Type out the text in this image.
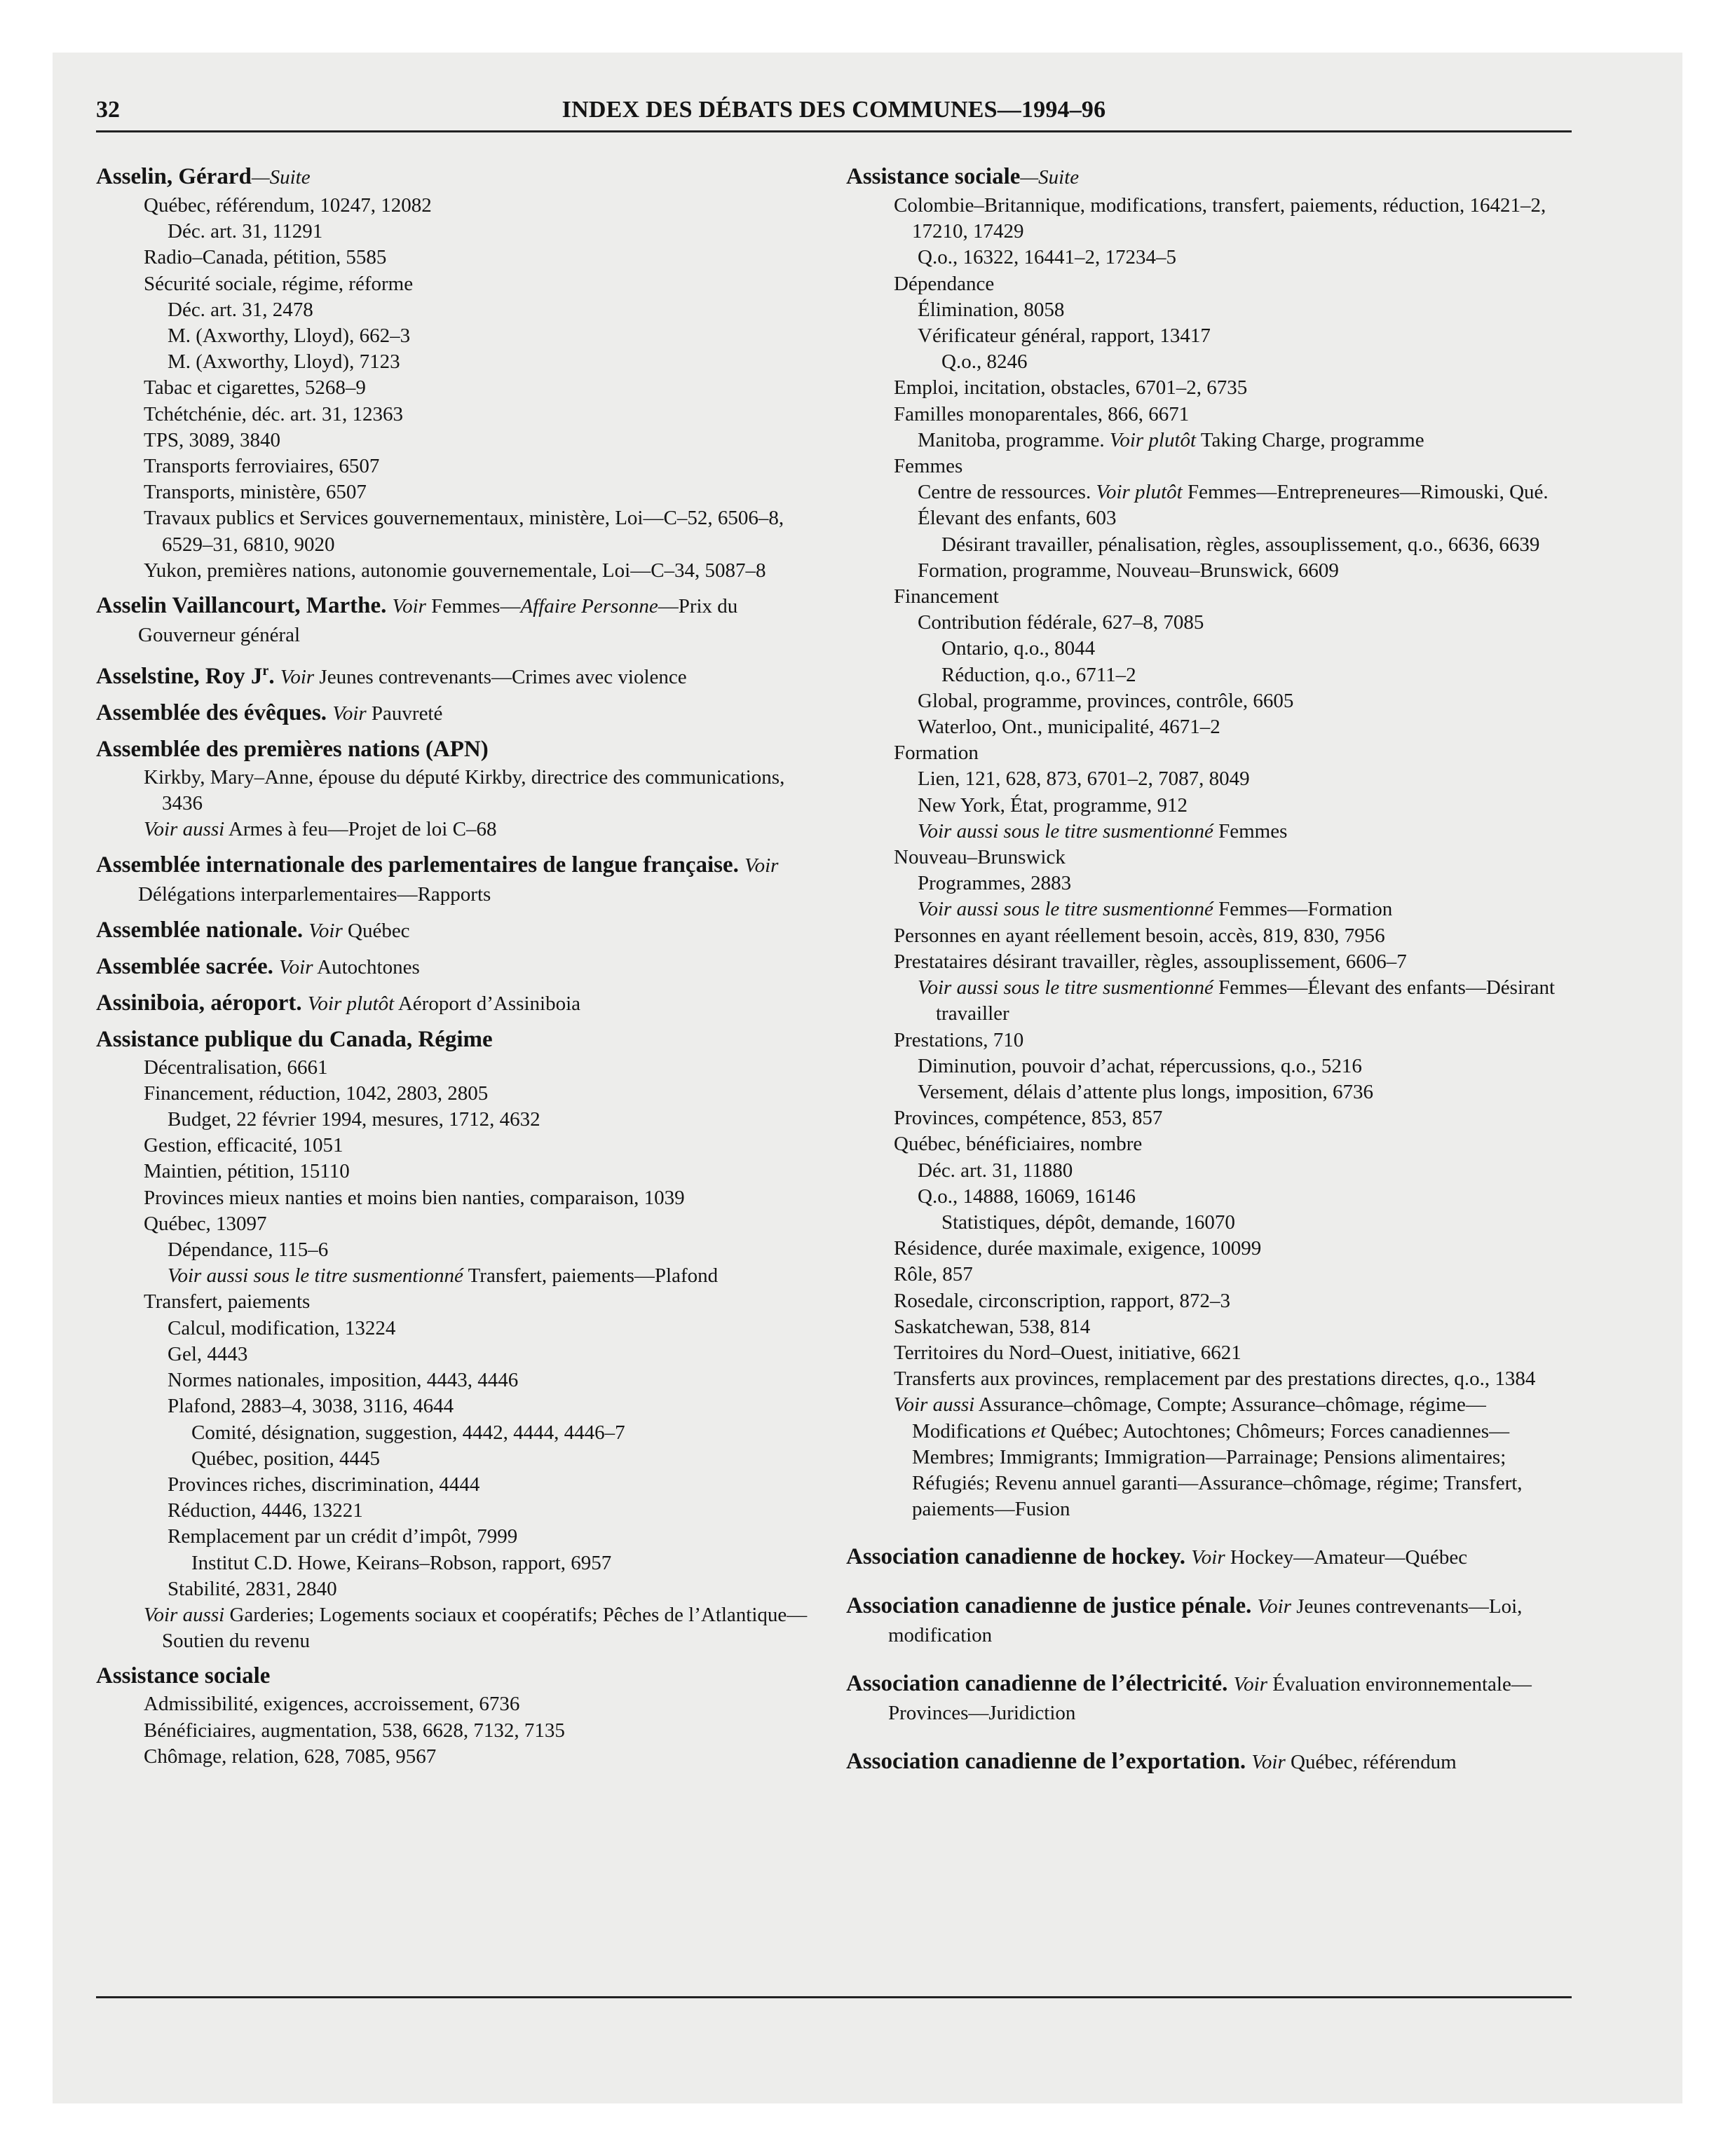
32	INDEX DES DÉBATS DES COMMUNES—1994–96
Asselin, Gérard—Suite
Québec, référendum, 10247, 12082
Déc. art. 31, 11291
Radio–Canada, pétition, 5585
Sécurité sociale, régime, réforme
Déc. art. 31, 2478
M. (Axworthy, Lloyd), 662–3
M. (Axworthy, Lloyd), 7123
Tabac et cigarettes, 5268–9
Tchétchénie, déc. art. 31, 12363
TPS, 3089, 3840
Transports ferroviaires, 6507
Transports, ministère, 6507
Travaux publics et Services gouvernementaux, ministère, Loi—C–52, 6506–8, 6529–31, 6810, 9020
Yukon, premières nations, autonomie gouvernementale, Loi—C–34, 5087–8
Asselin Vaillancourt, Marthe. Voir Femmes—Affaire Personne—Prix du Gouverneur général
Asselstine, Roy $J^r$. Voir Jeunes contrevenants—Crimes avec violence
Assemblée des évêques. Voir Pauvreté
Assemblée des premières nations (APN)
Kirkby, Mary–Anne, épouse du député Kirkby, directrice des communications, 3436
Voir aussi Armes à feu—Projet de loi C–68
Assemblée internationale des parlementaires de langue française. Voir Délégations interparlementaires—Rapports
Assemblée nationale. Voir Québec
Assemblée sacrée. Voir Autochtones
Assiniboia, aéroport. Voir plutôt Aéroport d’Assiniboia
Assistance publique du Canada, Régime
Décentralisation, 6661
Financement, réduction, 1042, 2803, 2805
Budget, 22 février 1994, mesures, 1712, 4632
Gestion, efficacité, 1051
Maintien, pétition, 15110
Provinces mieux nanties et moins bien nanties, comparaison, 1039
Québec, 13097
Dépendance, 115–6
Voir aussi sous le titre susmentionné Transfert, paiements—Plafond
Transfert, paiements
Calcul, modification, 13224
Gel, 4443
Normes nationales, imposition, 4443, 4446
Plafond, 2883–4, 3038, 3116, 4644
Comité, désignation, suggestion, 4442, 4444, 4446–7
Québec, position, 4445
Provinces riches, discrimination, 4444
Réduction, 4446, 13221
Remplacement par un crédit d’impôt, 7999
Institut C.D. Howe, Keirans–Robson, rapport, 6957
Stabilité, 2831, 2840
Voir aussi Garderies; Logements sociaux et coopératifs; Pêches de l’Atlantique—Soutien du revenu
Assistance sociale
Admissibilité, exigences, accroissement, 6736
Bénéficiaires, augmentation, 538, 6628, 7132, 7135
Chômage, relation, 628, 7085, 9567
Assistance sociale—Suite
Colombie–Britannique, modifications, transfert, paiements, réduction, 16421–2, 17210, 17429
Q.o., 16322, 16441–2, 17234–5
Dépendance
Élimination, 8058
Vérificateur général, rapport, 13417
Q.o., 8246
Emploi, incitation, obstacles, 6701–2, 6735
Familles monoparentales, 866, 6671
Manitoba, programme. Voir plutôt Taking Charge, programme
Femmes
Centre de ressources. Voir plutôt Femmes—Entrepreneures—Rimouski, Qué.
Élevant des enfants, 603
Désirant travailler, pénalisation, règles, assouplissement, q.o., 6636, 6639
Formation, programme, Nouveau–Brunswick, 6609
Financement
Contribution fédérale, 627–8, 7085
Ontario, q.o., 8044
Réduction, q.o., 6711–2
Global, programme, provinces, contrôle, 6605
Waterloo, Ont., municipalité, 4671–2
Formation
Lien, 121, 628, 873, 6701–2, 7087, 8049
New York, État, programme, 912
Voir aussi sous le titre susmentionné Femmes
Nouveau–Brunswick
Programmes, 2883
Voir aussi sous le titre susmentionné Femmes—Formation
Personnes en ayant réellement besoin, accès, 819, 830, 7956
Prestataires désirant travailler, règles, assouplissement, 6606–7
Voir aussi sous le titre susmentionné Femmes—Élevant des enfants—Désirant travailler
Prestations, 710
Diminution, pouvoir d’achat, répercussions, q.o., 5216
Versement, délais d’attente plus longs, imposition, 6736
Provinces, compétence, 853, 857
Québec, bénéficiaires, nombre
Déc. art. 31, 11880
Q.o., 14888, 16069, 16146
Statistiques, dépôt, demande, 16070
Résidence, durée maximale, exigence, 10099
Rôle, 857
Rosedale, circonscription, rapport, 872–3
Saskatchewan, 538, 814
Territoires du Nord–Ouest, initiative, 6621
Transferts aux provinces, remplacement par des prestations directes, q.o., 1384
Voir aussi Assurance–chômage, Compte; Assurance–chômage, régime—Modifications et Québec; Autochtones; Chômeurs; Forces canadiennes—Membres; Immigrants; Immigration—Parrainage; Pensions alimentaires; Réfugiés; Revenu annuel garanti—Assurance–chômage, régime; Transfert, paiements—Fusion
Association canadienne de hockey. Voir Hockey—Amateur—Québec
Association canadienne de justice pénale. Voir Jeunes contrevenants—Loi, modification
Association canadienne de l’électricité. Voir Évaluation environnementale—Provinces—Juridiction
Association canadienne de l’exportation. Voir Québec, référendum
